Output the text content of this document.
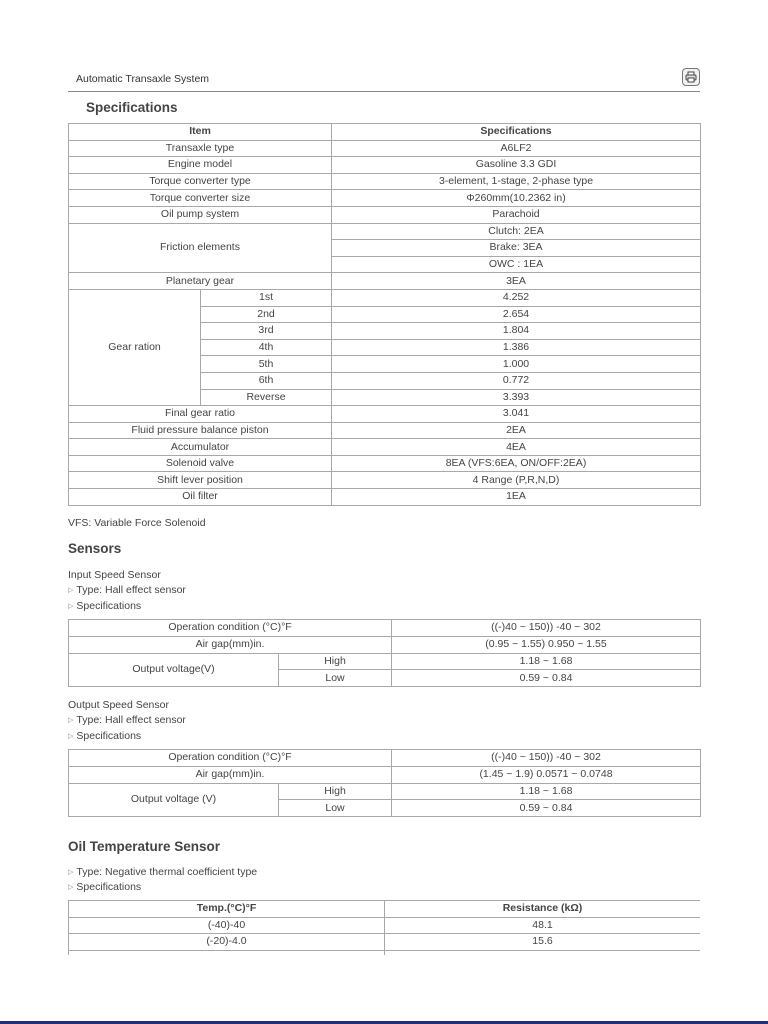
Automatic Transaxle System
Specifications
Item		Specifications
Transaxle type		A6LF2
Engine model		Gasoline 3.3 GDI
Torque converter type		3-element, 1-stage, 2-phase type
Torque converter size		Φ260mm(10.2362 in)
Oil pump system		Parachoid
Friction elements		Clutch: 2EA
		Brake: 3EA
		OWC : 1EA
Planetary gear		3EA
Gear ration	1st	4.252
	2nd	2.654
	3rd	1.804
	4th	1.386
	5th	1.000
	6th	0.772
	Reverse	3.393
Final gear ratio		3.041
Fluid pressure balance piston		2EA
Accumulator		4EA
Solenoid valve		8EA (VFS:6EA, ON/OFF:2EA)
Shift lever position		4 Range (P,R,N,D)
Oil filter		1EA
VFS: Variable Force Solenoid
Sensors
Input Speed Sensor
▷ Type: Hall effect sensor
▷ Specifications
Operation condition (°C)°F		((-)40 ~ 150)) -40 ~ 302
Air gap(mm)in.		(0.95 ~ 1.55) 0.950 ~ 1.55
Output voltage(V)	High	1.18 ~ 1.68
	Low	0.59 ~ 0.84
Output Speed Sensor
▷ Type: Hall effect sensor
▷ Specifications
Operation condition (°C)°F		((-)40 ~ 150)) -40 ~ 302
Air gap(mm)in.		(1.45 ~ 1.9) 0.0571 ~ 0.0748
Output voltage (V)	High	1.18 ~ 1.68
	Low	0.59 ~ 0.84
Oil Temperature Sensor
▷ Type: Negative thermal coefficient type
▷ Specifications
Temp.(°C)°F	Resistance (kΩ)
(-40)-40	48.1
(-20)-4.0	15.6
